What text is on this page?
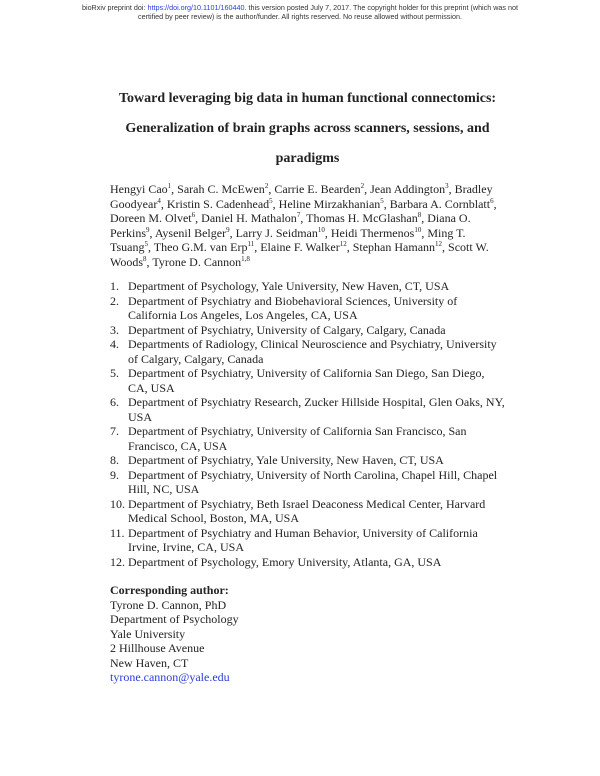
bioRxiv preprint doi: https://doi.org/10.1101/160440. this version posted July 7, 2017. The copyright holder for this preprint (which was not
certified by peer review) is the author/funder. All rights reserved. No reuse allowed without permission.
Toward leveraging big data in human functional connectomics:
Generalization of brain graphs across scanners, sessions, and
paradigms
Hengyi Cao$^1$, Sarah C. McEwen$^2$, Carrie E. Bearden$^2$, Jean Addington$^3$, Bradley Goodyear$^4$, Kristin S. Cadenhead$^5$, Heline Mirzakhanian$^5$, Barbara A. Cornblatt$^6$, Doreen M. Olvet$^6$, Daniel H. Mathalon$^7$, Thomas H. McGlashan$^8$, Diana O. Perkins$^9$, Aysenil Belger$^9$, Larry J. Seidman$^{10}$, Heidi Thermenos$^{10}$, Ming T. Tsuang$^5$, Theo G.M. van Erp$^{11}$, Elaine F. Walker$^{12}$, Stephan Hamann$^{12}$, Scott W. Woods$^8$, Tyrone D. Cannon$^{1,8}$
1. Department of Psychology, Yale University, New Haven, CT, USA
2. Department of Psychiatry and Biobehavioral Sciences, University of California Los Angeles, Los Angeles, CA, USA
3. Department of Psychiatry, University of Calgary, Calgary, Canada
4. Departments of Radiology, Clinical Neuroscience and Psychiatry, University of Calgary, Calgary, Canada
5. Department of Psychiatry, University of California San Diego, San Diego, CA, USA
6. Department of Psychiatry Research, Zucker Hillside Hospital, Glen Oaks, NY, USA
7. Department of Psychiatry, University of California San Francisco, San Francisco, CA, USA
8. Department of Psychiatry, Yale University, New Haven, CT, USA
9. Department of Psychiatry, University of North Carolina, Chapel Hill, Chapel Hill, NC, USA
10. Department of Psychiatry, Beth Israel Deaconess Medical Center, Harvard Medical School, Boston, MA, USA
11. Department of Psychiatry and Human Behavior, University of California Irvine, Irvine, CA, USA
12. Department of Psychology, Emory University, Atlanta, GA, USA
Corresponding author:
Tyrone D. Cannon, PhD
Department of Psychology
Yale University
2 Hillhouse Avenue
New Haven, CT
tyrone.cannon@yale.edu
